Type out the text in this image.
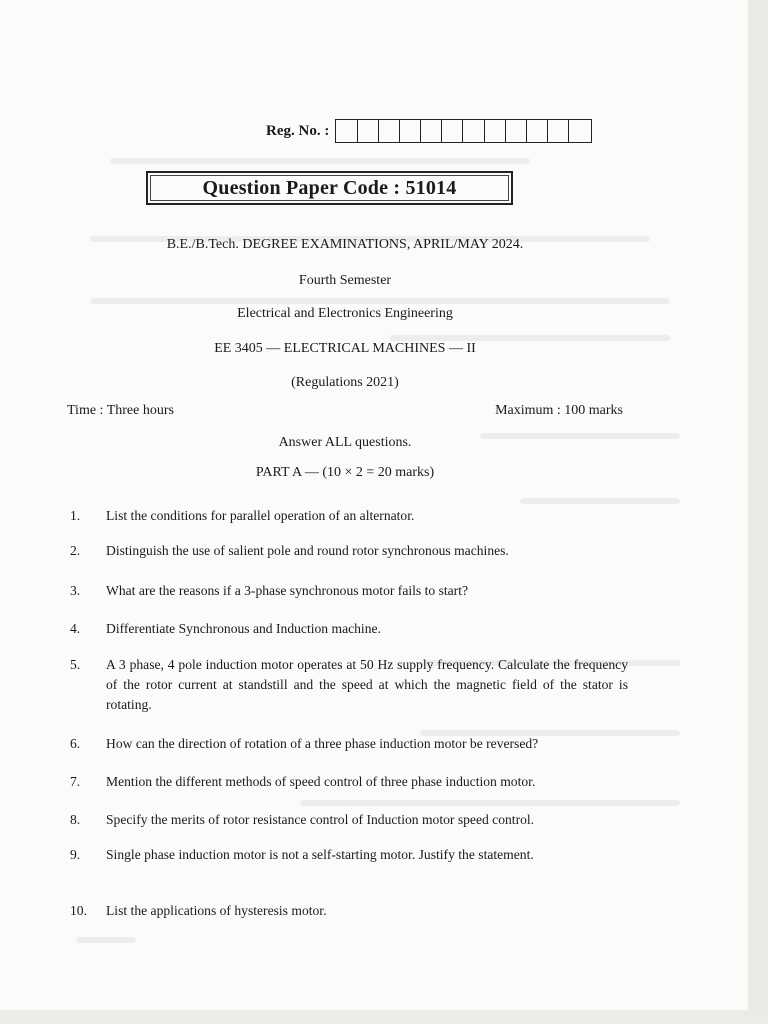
Reg. No. :
Question Paper Code : 51014
B.E./B.Tech. DEGREE EXAMINATIONS, APRIL/MAY 2024.
Fourth Semester
Electrical and Electronics Engineering
EE 3405 — ELECTRICAL MACHINES — II
(Regulations 2021)
Time : Three hours	Maximum : 100 marks
Answer ALL questions.
PART A — (10 × 2 = 20 marks)
1.	List the conditions for parallel operation of an alternator.
2.	Distinguish the use of salient pole and round rotor synchronous machines.
3.	What are the reasons if a 3-phase synchronous motor fails to start?
4.	Differentiate Synchronous and Induction machine.
5.	A 3 phase, 4 pole induction motor operates at 50 Hz supply frequency. Calculate the frequency of the rotor current at standstill and the speed at which the magnetic field of the stator is rotating.
6.	How can the direction of rotation of a three phase induction motor be reversed?
7.	Mention the different methods of speed control of three phase induction motor.
8.	Specify the merits of rotor resistance control of Induction motor speed control.
9.	Single phase induction motor is not a self-starting motor. Justify the statement.
10.	List the applications of hysteresis motor.
